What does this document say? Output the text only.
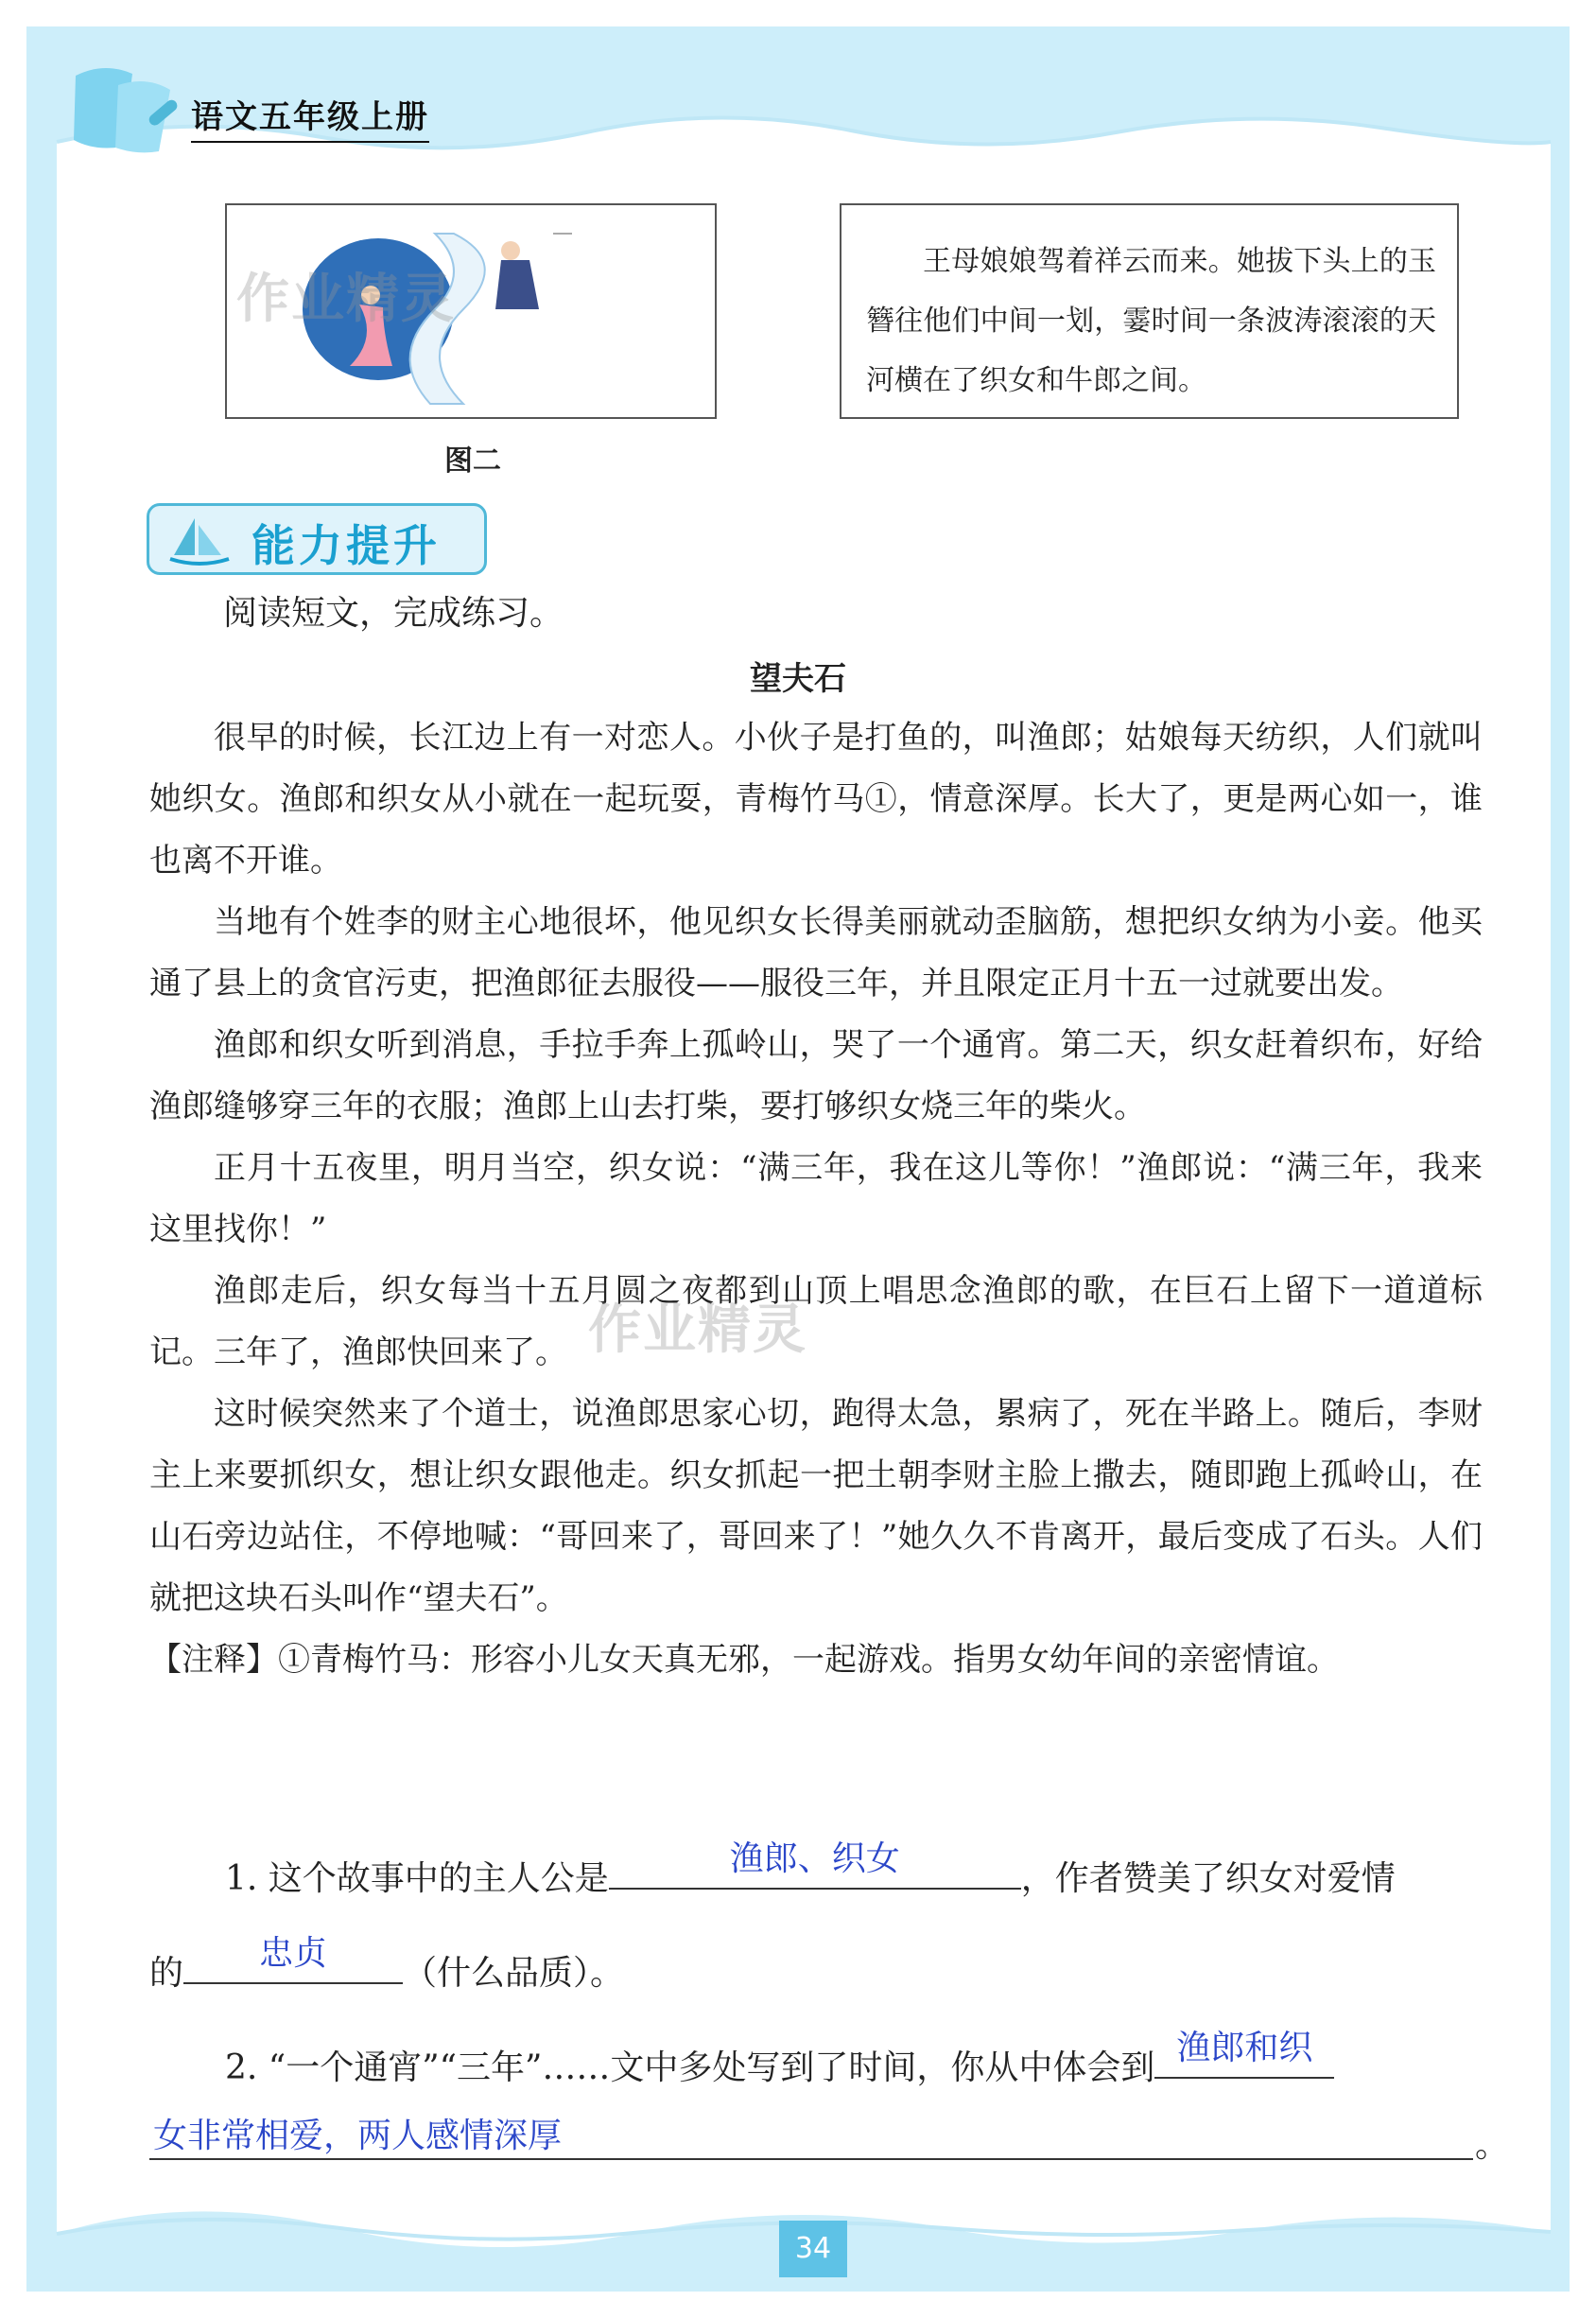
语文五年级上册
作业精灵
图二
王母娘娘驾着祥云而来。她拔下头上的玉簪往他们中间一划，霎时间一条波涛滚滚的天河横在了织女和牛郎之间。
能力提升
阅读短文，完成练习。
望夫石

很早的时候，长江边上有一对恋人。小伙子是打鱼的，叫渔郎；姑娘每天纺织，人们就叫她织女。渔郎和织女从小就在一起玩耍，青梅竹马①，情意深厚。长大了，更是两心如一，谁也离不开谁。

当地有个姓李的财主心地很坏，他见织女长得美丽就动歪脑筋，想把织女纳为小妾。他买通了县上的贪官污吏，把渔郎征去服役——服役三年，并且限定正月十五一过就要出发。

渔郎和织女听到消息，手拉手奔上孤岭山，哭了一个通宵。第二天，织女赶着织布，好给渔郎缝够穿三年的衣服；渔郎上山去打柴，要打够织女烧三年的柴火。

正月十五夜里，明月当空，织女说：“满三年，我在这儿等你！”渔郎说：“满三年，我来这里找你！”

渔郎走后，织女每当十五月圆之夜都到山顶上唱思念渔郎的歌，在巨石上留下一道道标记。三年了，渔郎快回来了。

这时候突然来了个道士，说渔郎思家心切，跑得太急，累病了，死在半路上。随后，李财主上来要抓织女，想让织女跟他走。织女抓起一把土朝李财主脸上撒去，随即跑上孤岭山，在山石旁边站住，不停地喊：“哥回来了，哥回来了！”她久久不肯离开，最后变成了石头。人们就把这块石头叫作“望夫石”。

【注释】①青梅竹马：形容小儿女天真无邪，一起游戏。指男女幼年间的亲密情谊。

作业精灵
1. 这个故事中的主人公是
渔郎、织女
，作者赞美了织女对爱情
的
忠贞
（什么品质）。
2. “一个通宵”“三年”……文中多处写到了时间，你从中体会到
渔郎和织
女非常相爱，两人感情深厚	。
34
